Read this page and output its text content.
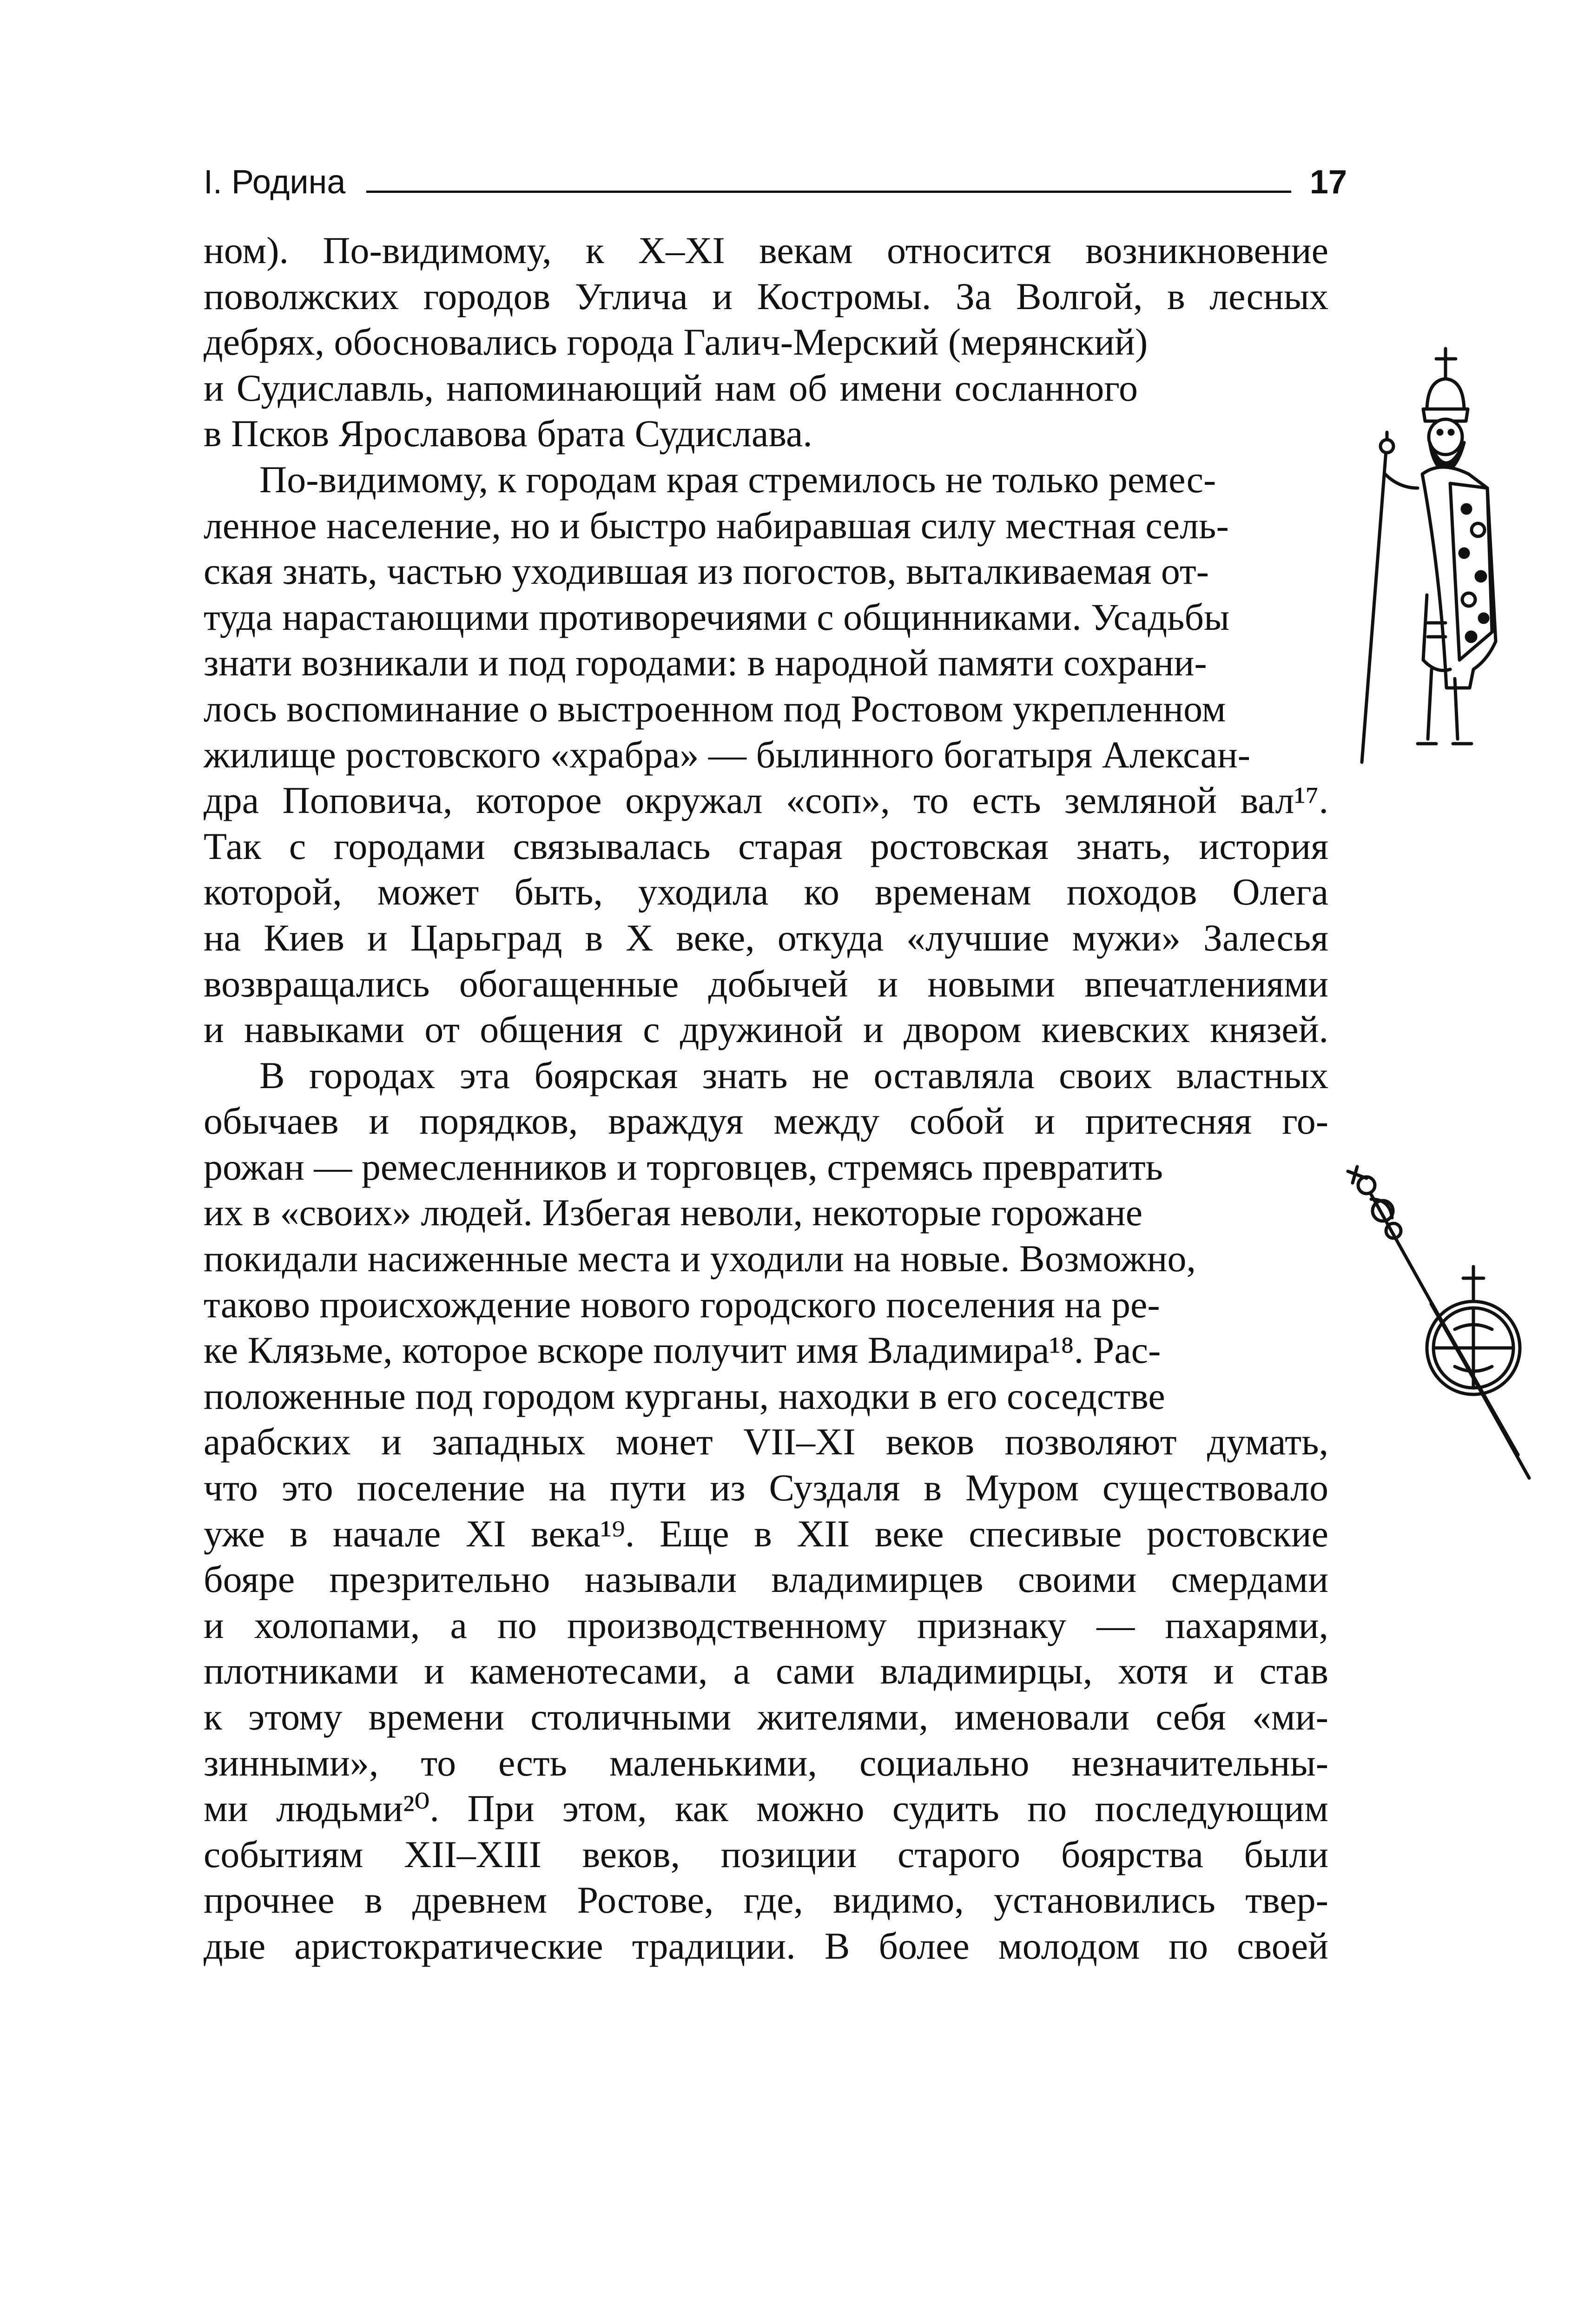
I. Родина	17
ном). По-видимому, к X–XI векам относится возникновение
поволжских городов Углича и Костромы. За Волгой, в лесных
дебрях, обосновались города Галич-Мерский (мерянский)
и Судиславль, напоминающий нам об имени сосланного
в Псков Ярославова брата Судислава.
По-видимому, к городам края стремилось не только ремес-
ленное население, но и быстро набиравшая силу местная сель-
ская знать, частью уходившая из погостов, выталкиваемая от-
туда нарастающими противоречиями с общинниками. Усадьбы
знати возникали и под городами: в народной памяти сохрани-
лось воспоминание о выстроенном под Ростовом укрепленном
жилище ростовского «храбра» — былинного богатыря Алексан-
дра Поповича, которое окружал «соп», то есть земляной вал¹⁷.
Так с городами связывалась старая ростовская знать, история
которой, может быть, уходила ко временам походов Олега
на Киев и Царьград в X веке, откуда «лучшие мужи» Залесья
возвращались обогащенные добычей и новыми впечатлениями
и навыками от общения с дружиной и двором киевских князей.
В городах эта боярская знать не оставляла своих властных
обычаев и порядков, враждуя между собой и притесняя го-
рожан — ремесленников и торговцев, стремясь превратить
их в «своих» людей. Избегая неволи, некоторые горожане
покидали насиженные места и уходили на новые. Возможно,
таково происхождение нового городского поселения на ре-
ке Клязьме, которое вскоре получит имя Владимира¹⁸. Рас-
положенные под городом курганы, находки в его соседстве
арабских и западных монет VII–XI веков позволяют думать,
что это поселение на пути из Суздаля в Муром существовало
уже в начале XI века¹⁹. Еще в XII веке спесивые ростовские
бояре презрительно называли владимирцев своими смердами
и холопами, а по производственному признаку — пахарями,
плотниками и каменотесами, а сами владимирцы, хотя и став
к этому времени столичными жителями, именовали себя «ми-
зинными», то есть маленькими, социально незначительны-
ми людьми²⁰. При этом, как можно судить по последующим
событиям XII–XIII веков, позиции старого боярства были
прочнее в древнем Ростове, где, видимо, установились твер-
дые аристократические традиции. В более молодом по своей
